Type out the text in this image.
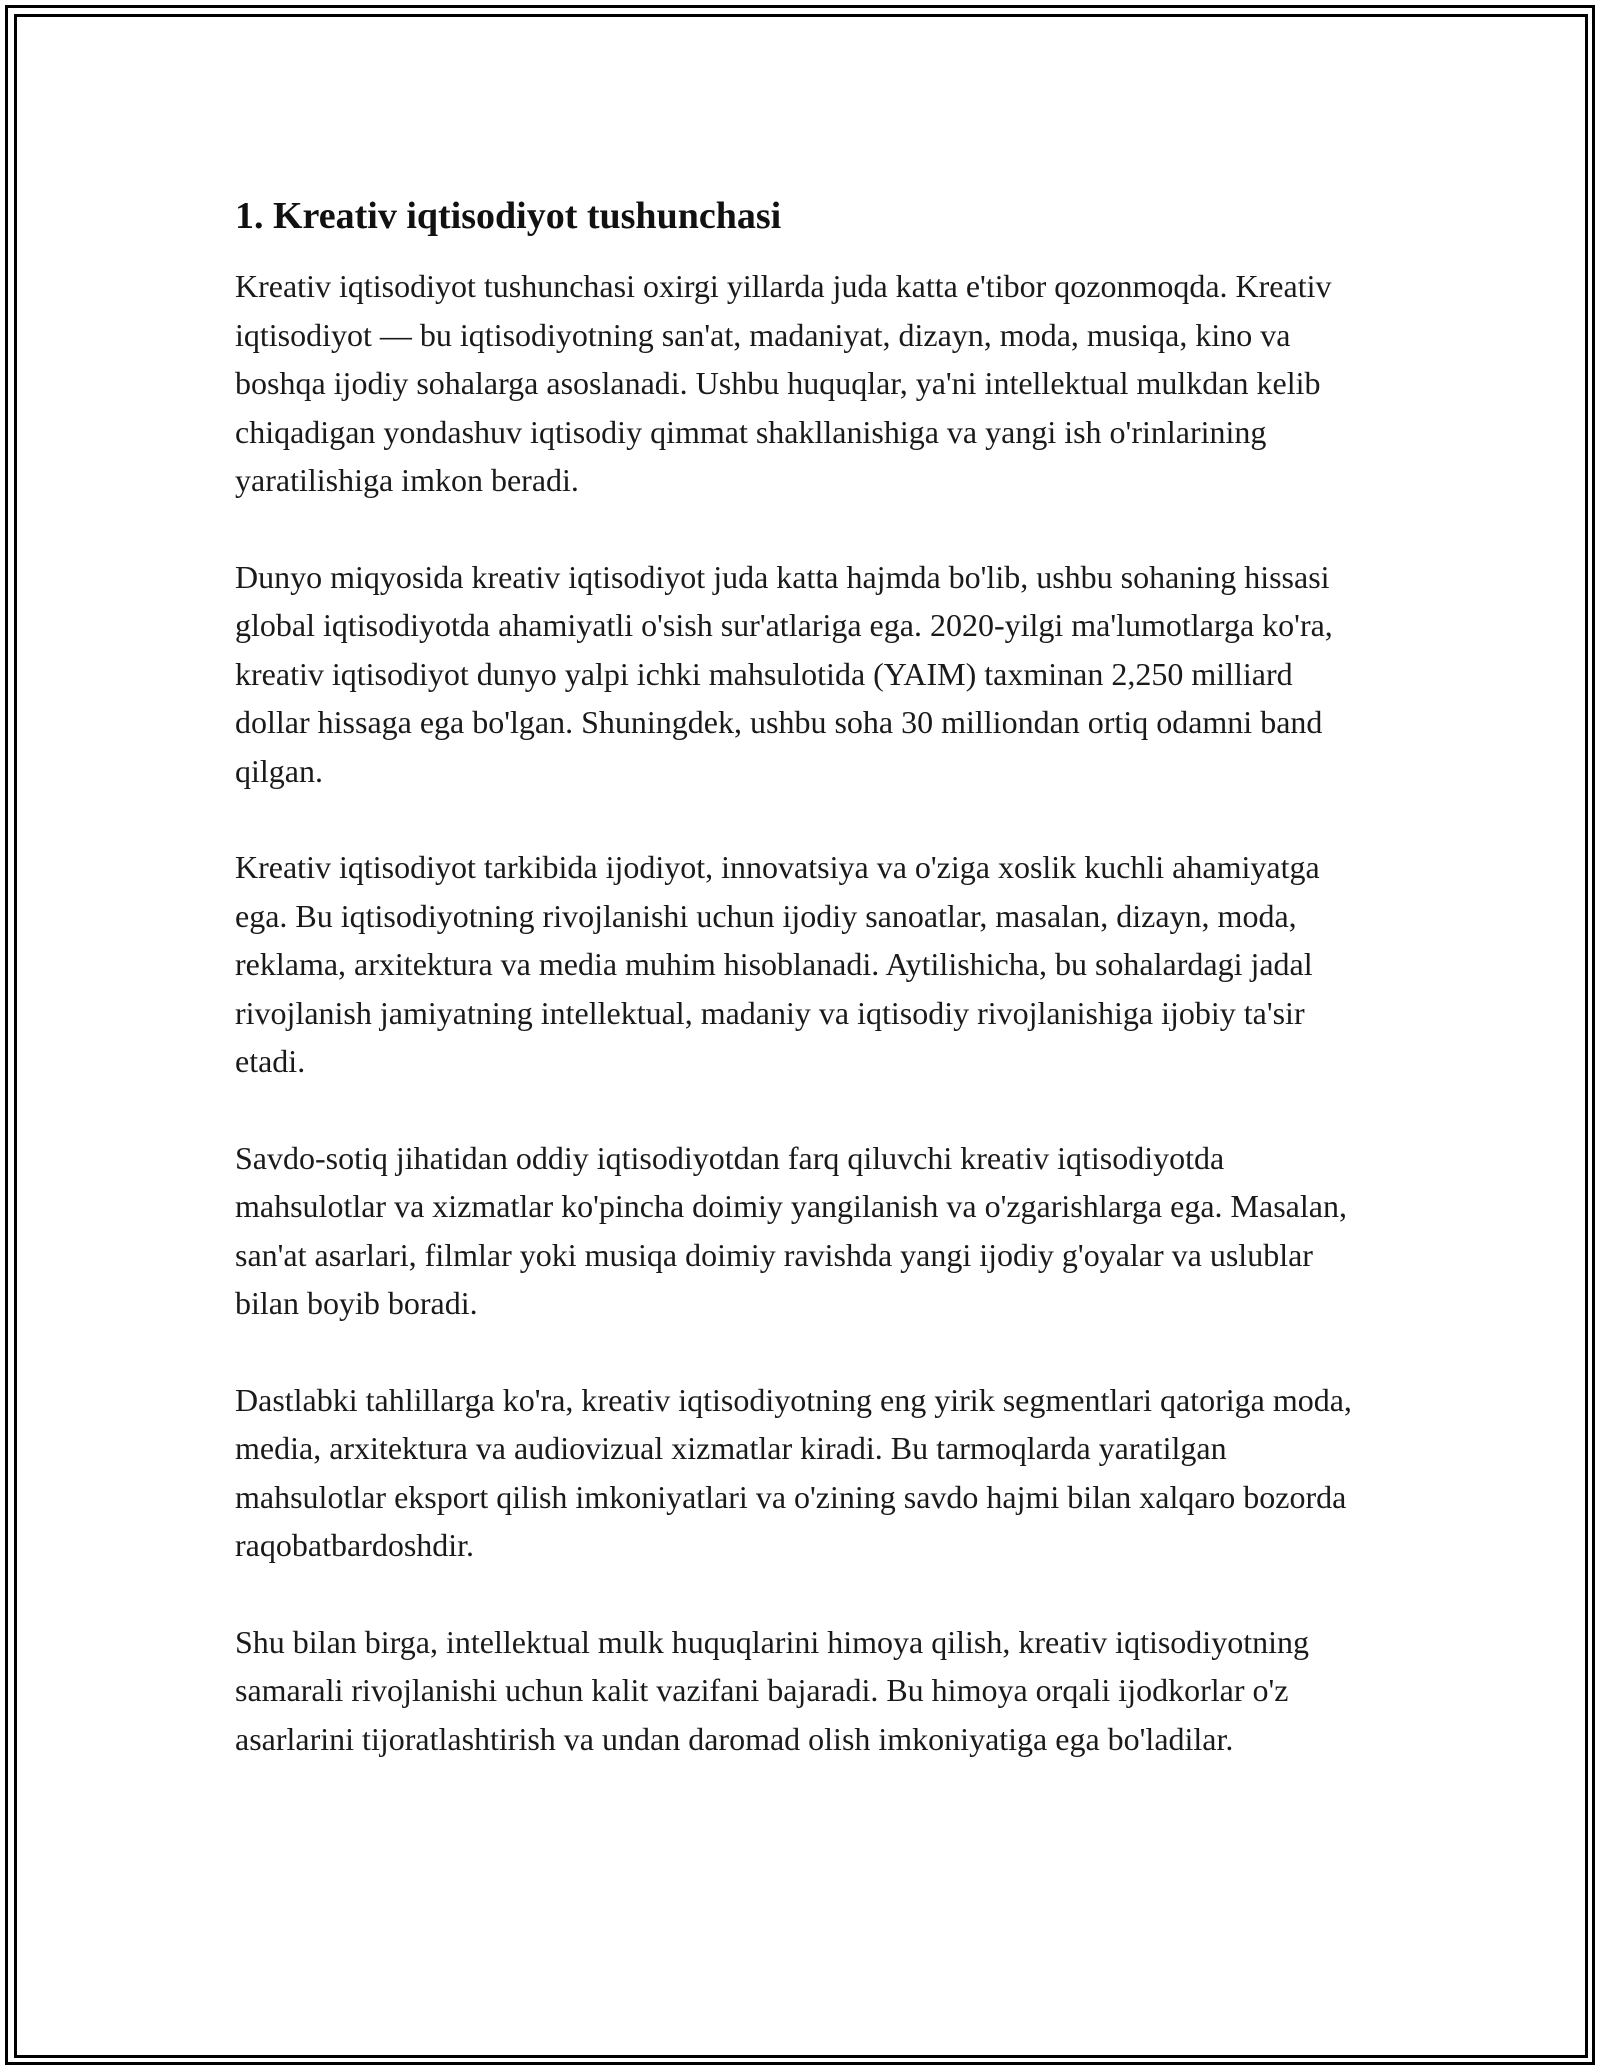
1. Kreativ iqtisodiyot tushunchasi

Kreativ iqtisodiyot tushunchasi oxirgi yillarda juda katta e'tibor qozonmoqda. Kreativ iqtisodiyot — bu iqtisodiyotning san'at, madaniyat, dizayn, moda, musiqa, kino va boshqa ijodiy sohalarga asoslanadi. Ushbu huquqlar, ya'ni intellektual mulkdan kelib chiqadigan yondashuv iqtisodiy qimmat shakllanishiga va yangi ish o'rinlarining yaratilishiga imkon beradi.

Dunyo miqyosida kreativ iqtisodiyot juda katta hajmda bo'lib, ushbu sohaning hissasi global iqtisodiyotda ahamiyatli o'sish sur'atlariga ega. 2020-yilgi ma'lumotlarga ko'ra, kreativ iqtisodiyot dunyo yalpi ichki mahsulotida (YAIM) taxminan 2,250 milliard dollar hissaga ega bo'lgan. Shuningdek, ushbu soha 30 milliondan ortiq odamni band qilgan.

Kreativ iqtisodiyot tarkibida ijodiyot, innovatsiya va o'ziga xoslik kuchli ahamiyatga ega. Bu iqtisodiyotning rivojlanishi uchun ijodiy sanoatlar, masalan, dizayn, moda, reklama, arxitektura va media muhim hisoblanadi. Aytilishicha, bu sohalardagi jadal rivojlanish jamiyatning intellektual, madaniy va iqtisodiy rivojlanishiga ijobiy ta'sir etadi.

Savdo-sotiq jihatidan oddiy iqtisodiyotdan farq qiluvchi kreativ iqtisodiyotda mahsulotlar va xizmatlar ko'pincha doimiy yangilanish va o'zgarishlarga ega. Masalan, san'at asarlari, filmlar yoki musiqa doimiy ravishda yangi ijodiy g'oyalar va uslublar bilan boyib boradi.

Dastlabki tahlillarga ko'ra, kreativ iqtisodiyotning eng yirik segmentlari qatoriga moda, media, arxitektura va audiovizual xizmatlar kiradi. Bu tarmoqlarda yaratilgan mahsulotlar eksport qilish imkoniyatlari va o'zining savdo hajmi bilan xalqaro bozorda raqobatbardoshdir.

Shu bilan birga, intellektual mulk huquqlarini himoya qilish, kreativ iqtisodiyotning samarali rivojlanishi uchun kalit vazifani bajaradi. Bu himoya orqali ijodkorlar o'z asarlarini tijoratlashtirish va undan daromad olish imkoniyatiga ega bo'ladilar.
